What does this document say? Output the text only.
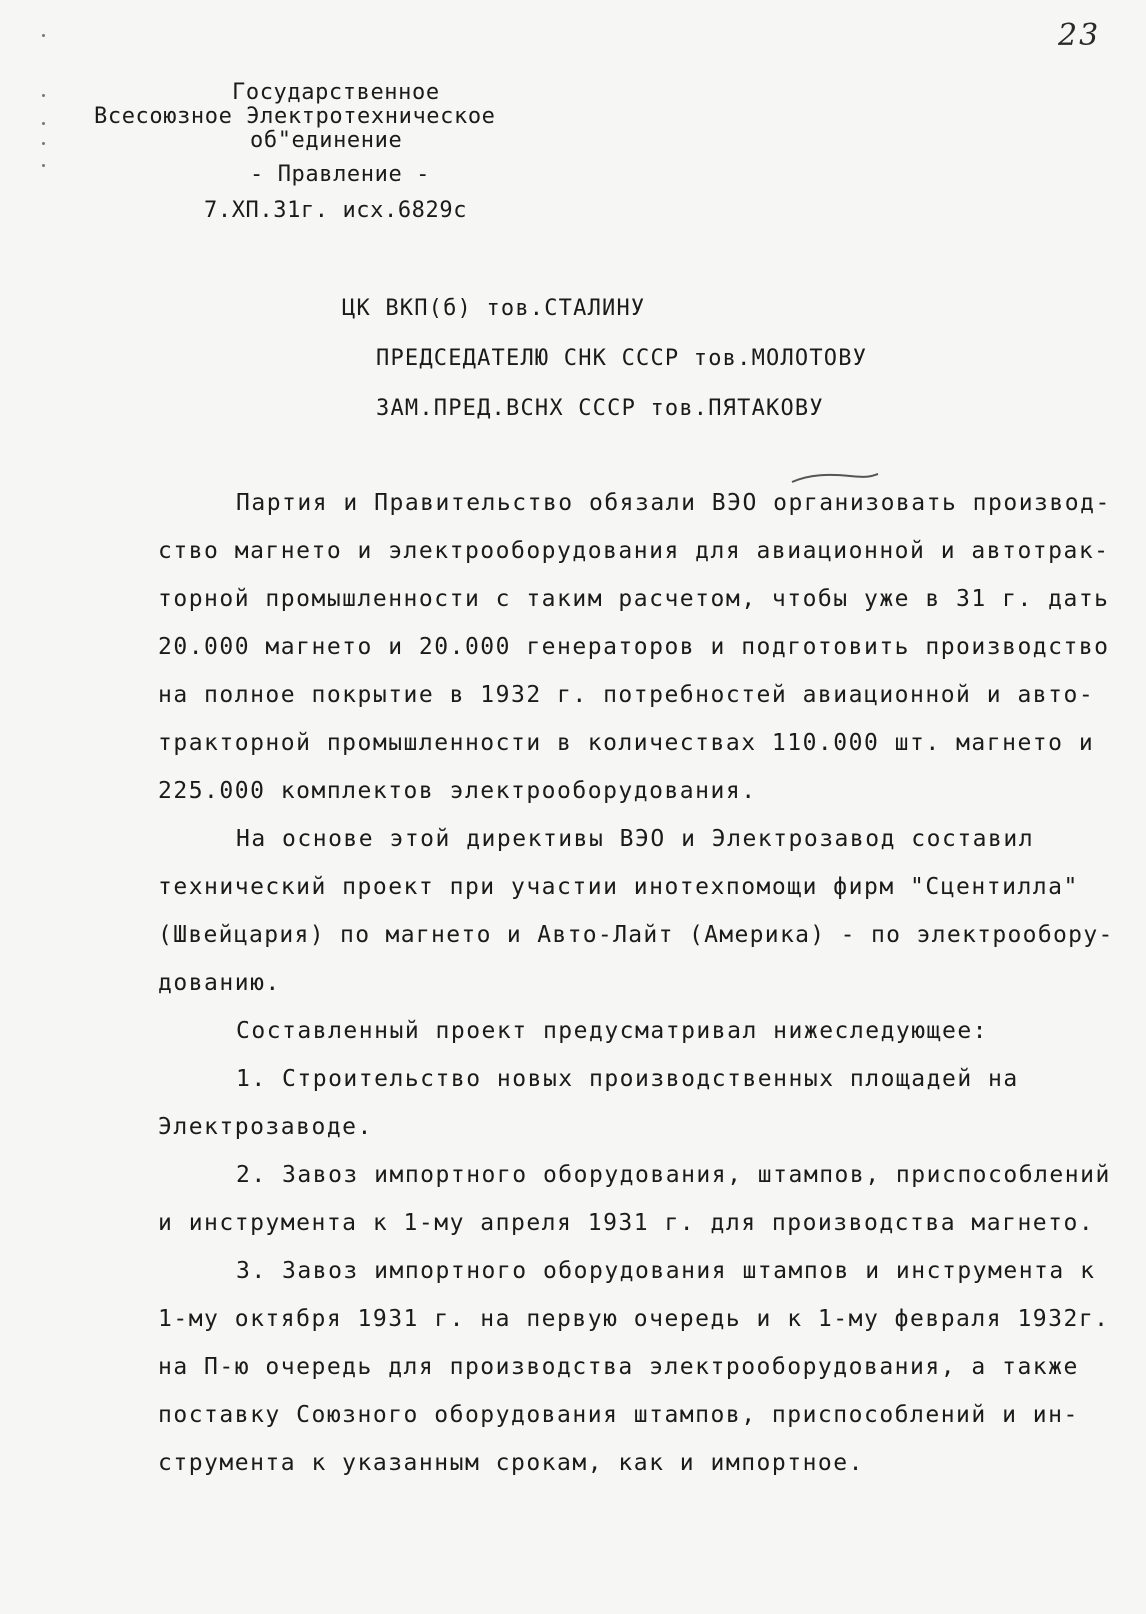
23
Государственное
Всесоюзное Электротехническое
об"единение
- Правление -
7.ХП.31г. исх.6829с
ЦК ВКП(б) тов.СТАЛИНУ
ПРЕДСЕДАТЕЛЮ СНК СССР тов.МОЛОТОВУ
ЗАМ.ПРЕД.ВСНХ СССР тов.ПЯТАКОВУ
Партия и Правительство обязали ВЭО организовать производ-
ство магнето и электрооборудования для авиационной и автотрак-
торной промышленности с таким расчетом, чтобы уже в 31 г. дать
20.000 магнето и 20.000 генераторов и подготовить производство
на полное покрытие в 1932 г. потребностей авиационной и авто-
тракторной промышленности в количествах 110.000 шт. магнето и
225.000 комплектов электрооборудования.
На основе этой директивы ВЭО и Электрозавод составил
технический проект при участии инотехпомощи фирм "Сцентилла"
(Швейцария) по магнето и Авто-Лайт (Америка) - по электрообору-
дованию.
Составленный проект предусматривал нижеследующее:
1. Строительство новых производственных площадей на
Электрозаводе.
2. Завоз импортного оборудования, штампов, приспособлений
и инструмента к 1-му апреля 1931 г. для производства магнето.
3. Завоз импортного оборудования штампов и инструмента к
1-му октября 1931 г. на первую очередь и к 1-му февраля 1932г.
на П-ю очередь для производства электрооборудования, а также
поставку Союзного оборудования штампов, приспособлений и ин-
струмента к указанным срокам, как и импортное.
